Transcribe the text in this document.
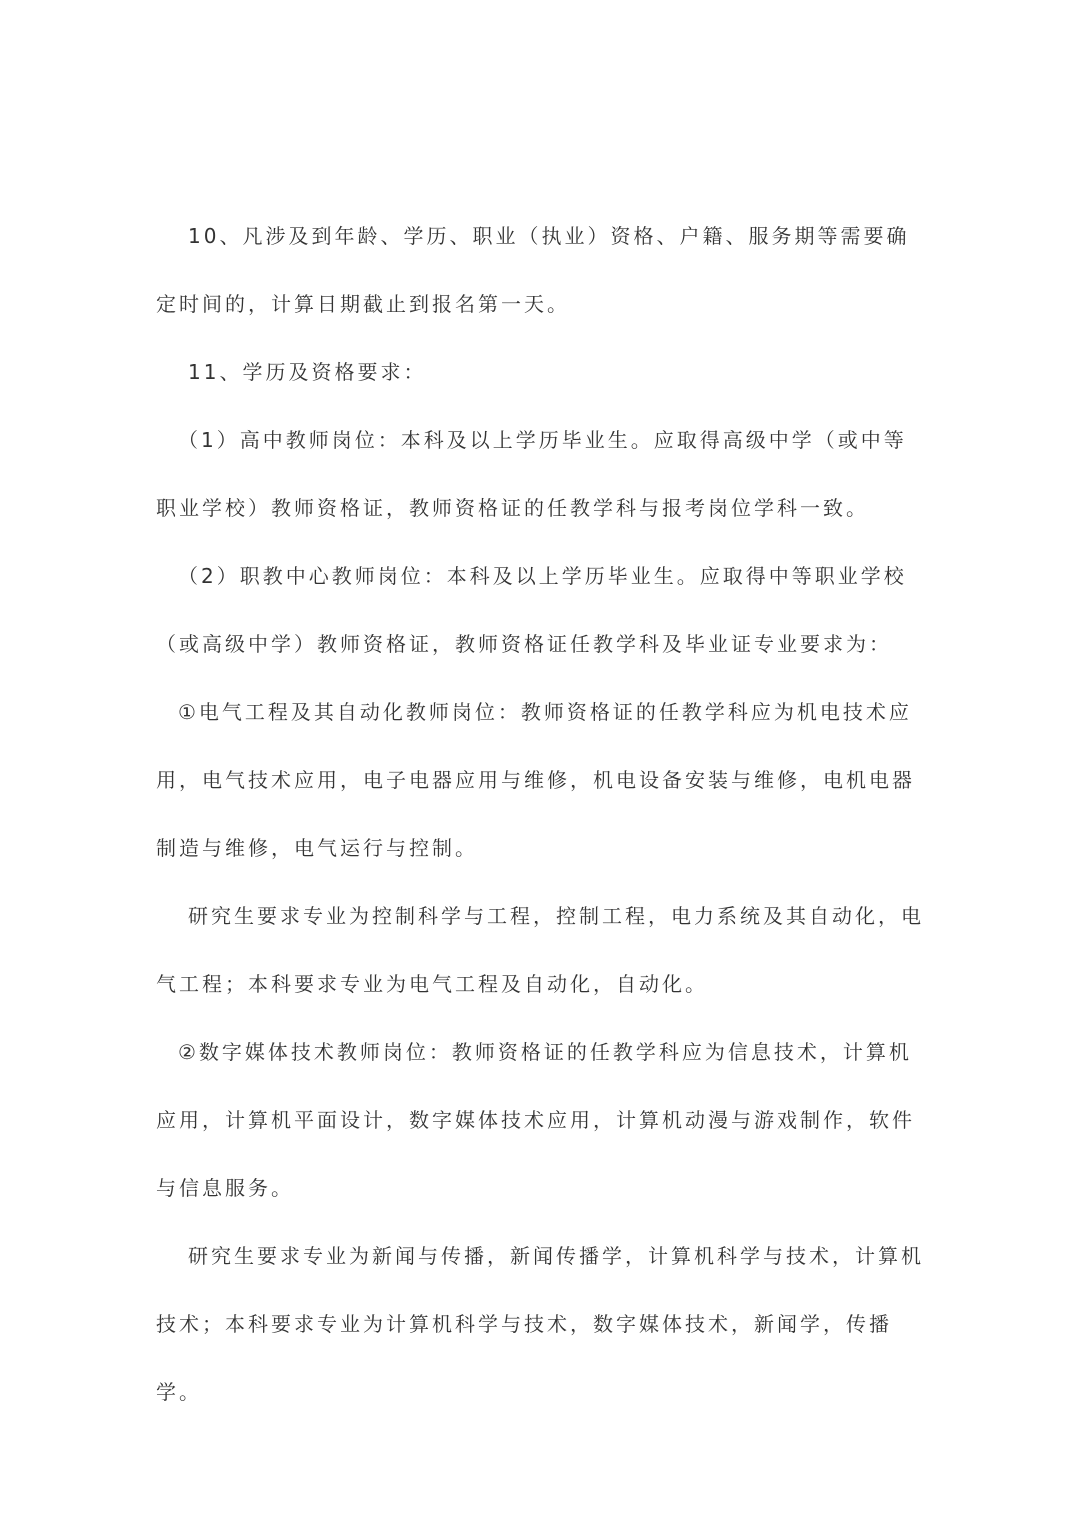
10、凡涉及到年龄、学历、职业（执业）资格、户籍、服务期等需要确定时间的，计算日期截止到报名第一天。

11、学历及资格要求：

（1）高中教师岗位：本科及以上学历毕业生。应取得高级中学（或中等职业学校）教师资格证，教师资格证的任教学科与报考岗位学科一致。

（2）职教中心教师岗位：本科及以上学历毕业生。应取得中等职业学校（或高级中学）教师资格证，教师资格证任教学科及毕业证专业要求为：

①电气工程及其自动化教师岗位：教师资格证的任教学科应为机电技术应用，电气技术应用，电子电器应用与维修，机电设备安装与维修，电机电器制造与维修，电气运行与控制。

研究生要求专业为控制科学与工程，控制工程，电力系统及其自动化，电气工程；本科要求专业为电气工程及自动化，自动化。

②数字媒体技术教师岗位：教师资格证的任教学科应为信息技术，计算机应用，计算机平面设计，数字媒体技术应用，计算机动漫与游戏制作，软件与信息服务。

研究生要求专业为新闻与传播，新闻传播学，计算机科学与技术，计算机技术；本科要求专业为计算机科学与技术，数字媒体技术，新闻学，传播学。
